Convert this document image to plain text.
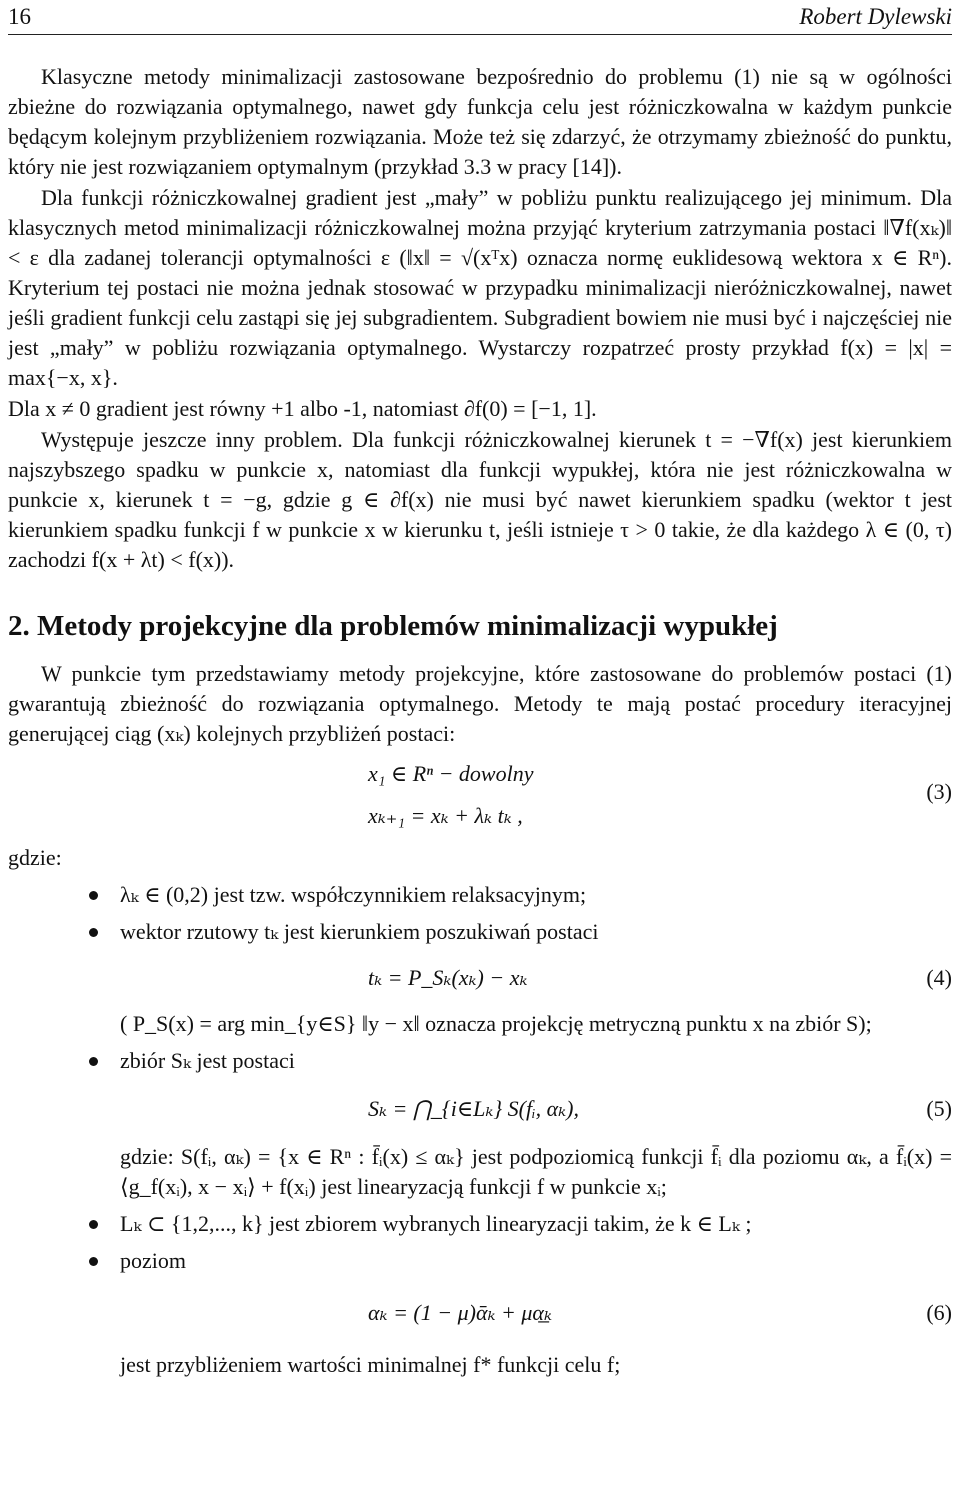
16	Robert Dylewski

Klasyczne metody minimalizacji zastosowane bezpośrednio do problemu (1) nie są w ogólności zbieżne do rozwiązania optymalnego, nawet gdy funkcja celu jest różniczkowalna w każdym punkcie będącym kolejnym przybliżeniem rozwiązania. Może też się zdarzyć, że otrzymamy zbieżność do punktu, który nie jest rozwiązaniem optymalnym (przykład 3.3 w pracy [14]).

Dla funkcji różniczkowalnej gradient jest „mały” w pobliżu punktu realizującego jej minimum. Dla klasycznych metod minimalizacji różniczkowalnej można przyjąć kryterium zatrzymania postaci ‖∇f(xₖ)‖ < ε dla zadanej tolerancji optymalności ε (‖x‖ = √(xᵀx) oznacza normę euklidesową wektora x ∈ Rⁿ). Kryterium tej postaci nie można jednak stosować w przypadku minimalizacji nieróżniczkowalnej, nawet jeśli gradient funkcji celu zastąpi się jej subgradientem. Subgradient bowiem nie musi być i najczęściej nie jest „mały” w pobliżu rozwiązania optymalnego. Wystarczy rozpatrzeć prosty przykład f(x) = |x| = max{−x, x}.

Dla x ≠ 0 gradient jest równy +1 albo -1, natomiast ∂f(0) = [−1, 1].

Występuje jeszcze inny problem. Dla funkcji różniczkowalnej kierunek t = −∇f(x) jest kierunkiem najszybszego spadku w punkcie x, natomiast dla funkcji wypukłej, która nie jest różniczkowalna w punkcie x, kierunek t = −g, gdzie g ∈ ∂f(x) nie musi być nawet kierunkiem spadku (wektor t jest kierunkiem spadku funkcji f w punkcie x w kierunku t, jeśli istnieje τ > 0 takie, że dla każdego λ ∈ (0, τ) zachodzi f(x + λt) < f(x)).

2. Metody projekcyjne dla problemów minimalizacji wypukłej

W punkcie tym przedstawiamy metody projekcyjne, które zastosowane do problemów postaci (1) gwarantują zbieżność do rozwiązania optymalnego. Metody te mają postać procedury iteracyjnej generującej ciąg (xₖ) kolejnych przybliżeń postaci:

x₁ ∈ Rⁿ − dowolny
(3)
xₖ₊₁ = xₖ + λₖ tₖ ,
gdzie:
λₖ ∈ (0,2) jest tzw. współczynnikiem relaksacyjnym;
wektor rzutowy tₖ jest kierunkiem poszukiwań postaci
tₖ = P_Sₖ(xₖ) − xₖ	(4)
( P_S(x) = arg min_{y∈S} ‖y − x‖ oznacza projekcję metryczną punktu x na zbiór S);
zbiór Sₖ jest postaci
Sₖ = ⋂_{i∈Lₖ} S(fᵢ, αₖ),	(5)
gdzie: S(fᵢ, αₖ) = {x ∈ Rⁿ : f̄ᵢ(x) ≤ αₖ} jest podpoziomicą funkcji f̄ᵢ dla poziomu αₖ, a f̄ᵢ(x) = ⟨g_f(xᵢ), x − xᵢ⟩ + f(xᵢ) jest linearyzacją funkcji f w punkcie xᵢ;
Lₖ ⊂ {1,2,..., k} jest zbiorem wybranych linearyzacji takim, że k ∈ Lₖ ;
poziom
αₖ = (1 − μ)ᾱₖ + μα̲ₖ	(6)
jest przybliżeniem wartości minimalnej f* funkcji celu f;
